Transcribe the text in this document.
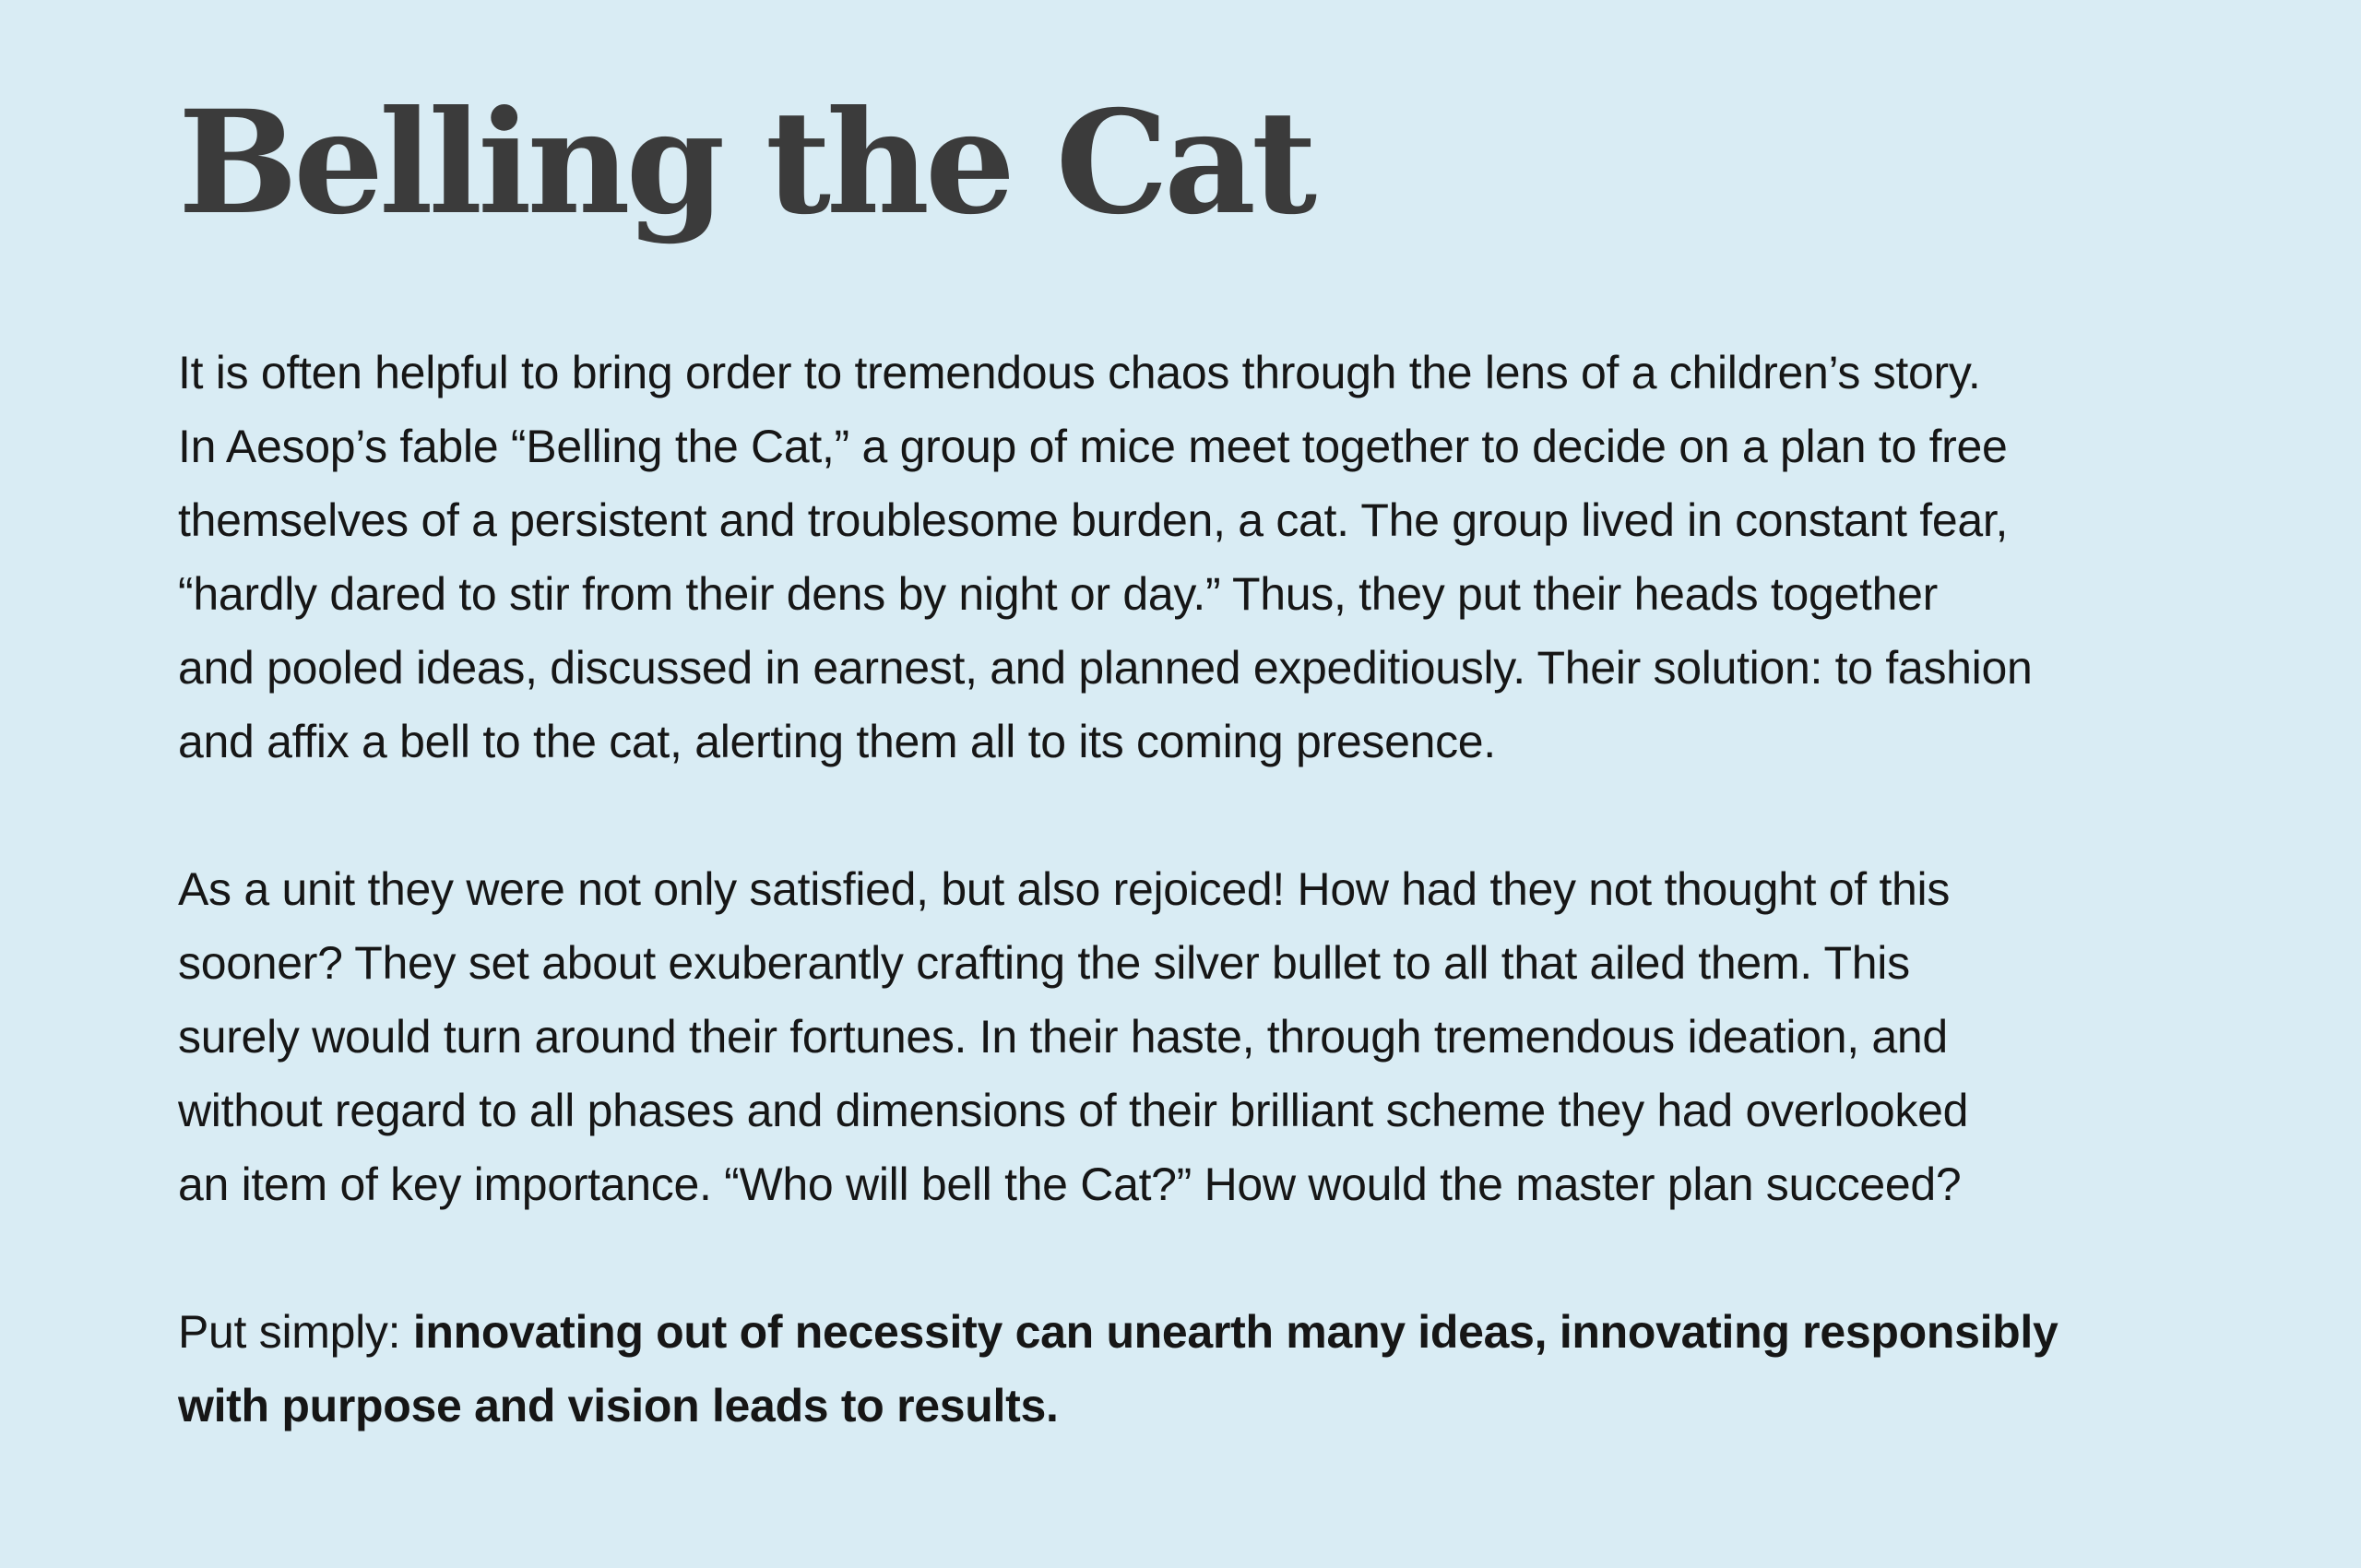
Belling the Cat

It is often helpful to bring order to tremendous chaos through the lens of a children’s story.
In Aesop’s fable “Belling the Cat,” a group of mice meet together to decide on a plan to free
themselves of a persistent and troublesome burden, a cat. The group lived in constant fear,
“hardly dared to stir from their dens by night or day.” Thus, they put their heads together
and pooled ideas, discussed in earnest, and planned expeditiously. Their solution: to fashion
and affix a bell to the cat, alerting them all to its coming presence.

As a unit they were not only satisfied, but also rejoiced! How had they not thought of this
sooner? They set about exuberantly crafting the silver bullet to all that ailed them. This
surely would turn around their fortunes. In their haste, through tremendous ideation, and
without regard to all phases and dimensions of their brilliant scheme they had overlooked
an item of key importance. “Who will bell the Cat?” How would the master plan succeed?

Put simply: innovating out of necessity can unearth many ideas, innovating responsibly
with purpose and vision leads to results.
